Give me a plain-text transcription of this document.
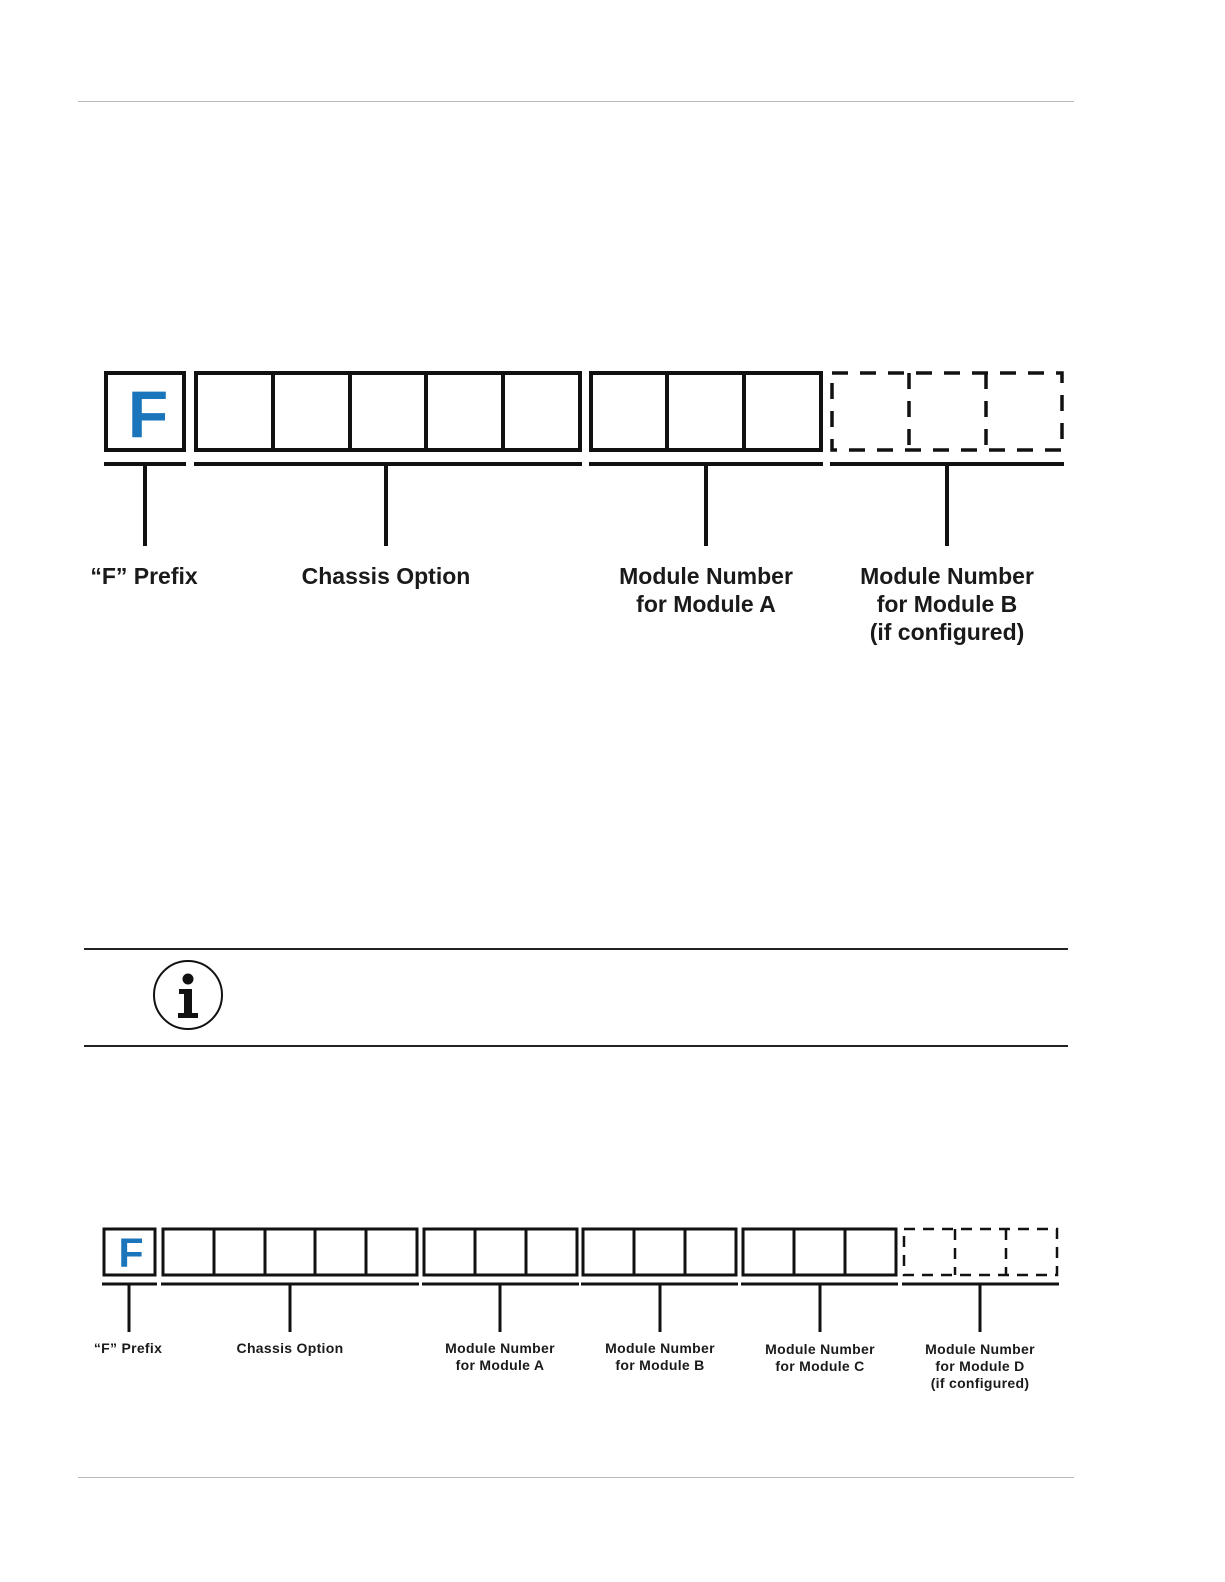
F
“F” Prefix	Chassis Option	Module Number
for Module A
Module Number
for Module B
(if configured)
F
“F” Prefix	Chassis Option	Module Number
for Module A
Module Number
for Module B
Module Number
for Module C
Module Number
for Module D
(if configured)
